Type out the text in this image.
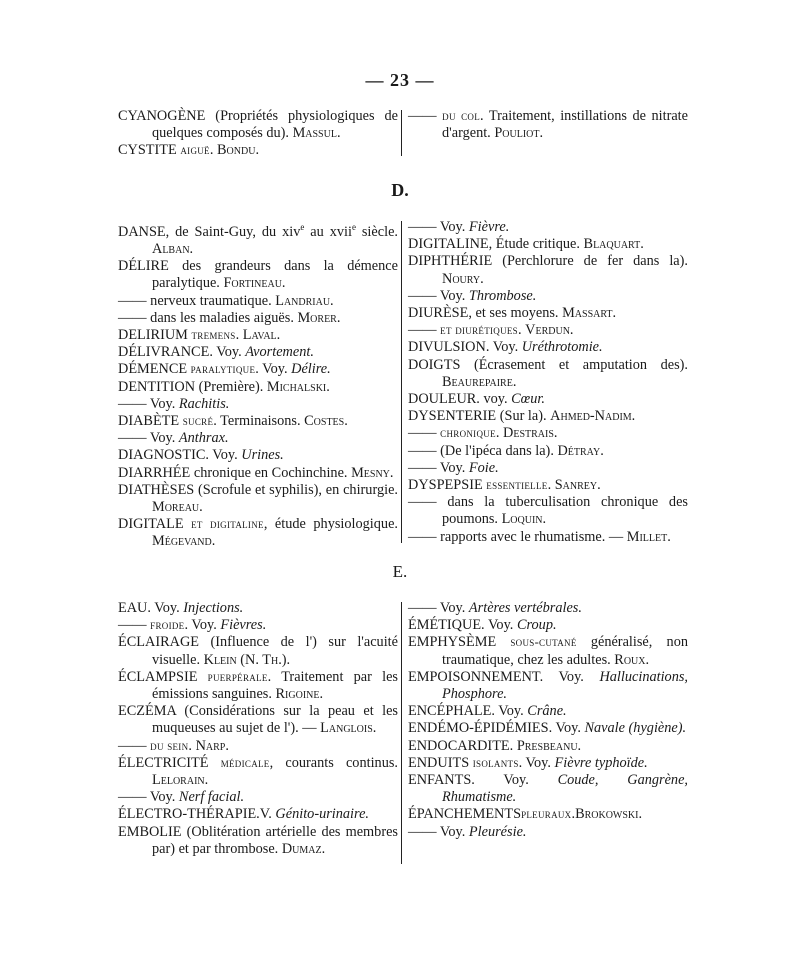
— 23 —

CYANOGÈNE (Propriétés physiologiques de quelques composés du). Massul.

CYSTITE aiguë. Bondu.

—— du col. Traitement, instillations de nitrate d'argent. Pouliot.

D.

DANSE, de Saint-Guy, du xiv$^e$ au xvii$^e$ siècle. Alban.

DÉLIRE des grandeurs dans la démence paralytique. Fortineau.

—— nerveux traumatique. Landriau.

—— dans les maladies aiguës. Morer.

DELIRIUM tremens. Laval.

DÉLIVRANCE. Voy. Avortement.

DÉMENCE paralytique. Voy. Délire.

DENTITION (Première). Michalski.

—— Voy. Rachitis.

DIABÈTE sucré. Terminaisons. Costes.

—— Voy. Anthrax.

DIAGNOSTIC. Voy. Urines.

DIARRHÉE chronique en Cochinchine. Mesny.

DIATHÈSES (Scrofule et syphilis), en chirurgie. Moreau.

DIGITALE et digitaline, étude physiologique. Mégevand.

—— Voy. Fièvre.

DIGITALINE, Étude critique. Blaquart.

DIPHTHÉRIE (Perchlorure de fer dans la). Noury.

—— Voy. Thrombose.

DIURÈSE, et ses moyens. Massart.

—— et diurétiques. Verdun.

DIVULSION. Voy. Uréthrotomie.

DOIGTS (Écrasement et amputation des). Beaurepaire.

DOULEUR. voy. Cœur.

DYSENTERIE (Sur la). Ahmed-Nadim.

—— chronique. Destrais.

—— (De l'ipéca dans la). Détray.

—— Voy. Foie.

DYSPEPSIE essentielle. Sanrey.

—— dans la tuberculisation chronique des poumons. Loquin.

—— rapports avec le rhumatisme. — Millet.

E.

EAU. Voy. Injections.

—— froide. Voy. Fièvres.

ÉCLAIRAGE (Influence de l') sur l'acuité visuelle. Klein (N. Th.).

ÉCLAMPSIE puerpérale. Traitement par les émissions sanguines. Rigoine.

ECZÉMA (Considérations sur la peau et les muqueuses au sujet de l'). — Langlois.

—— du sein. Narp.

ÉLECTRICITÉ médicale, courants continus. Lelorain.

—— Voy. Nerf facial.

ÉLECTRO-THÉRAPIE.V. Génito-urinaire.

EMBOLIE (Oblitération artérielle des membres par) et par thrombose. Dumaz.

—— Voy. Artères vertébrales.

ÉMÉTIQUE. Voy. Croup.

EMPHYSÈME sous-cutané généralisé, non traumatique, chez les adultes. Roux.

EMPOISONNEMENT. Voy. Hallucinations, Phosphore.

ENCÉPHALE. Voy. Crâne.

ENDÉMO-ÉPIDÉMIES. Voy. Navale (hygiène).

ENDOCARDITE. Presbeanu.

ENDUITS isolants. Voy. Fièvre typhoïde.

ENFANTS. Voy. Coude, Gangrène, Rhumatisme.

ÉPANCHEMENTSpleuraux.Brokowski.

—— Voy. Pleurésie.
